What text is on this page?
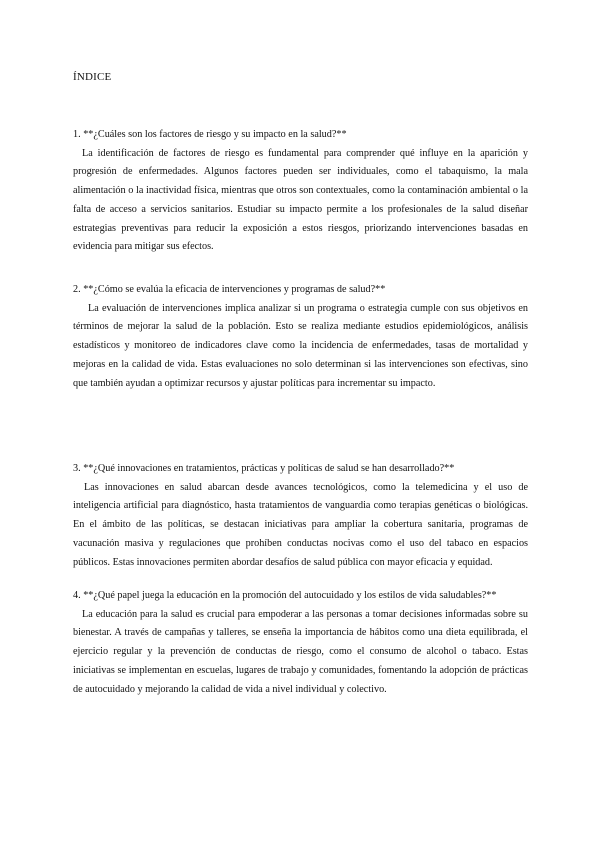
ÍNDICE

1. **¿Cuáles son los factores de riesgo y su impacto en la salud?**

La identificación de factores de riesgo es fundamental para comprender qué influye en la aparición y progresión de enfermedades. Algunos factores pueden ser individuales, como el tabaquismo, la mala alimentación o la inactividad física, mientras que otros son contextuales, como la contaminación ambiental o la falta de acceso a servicios sanitarios. Estudiar su impacto permite a los profesionales de la salud diseñar estrategias preventivas para reducir la exposición a estos riesgos, priorizando intervenciones basadas en evidencia para mitigar sus efectos.

2. **¿Cómo se evalúa la eficacia de intervenciones y programas de salud?**

La evaluación de intervenciones implica analizar si un programa o estrategia cumple con sus objetivos en términos de mejorar la salud de la población. Esto se realiza mediante estudios epidemiológicos, análisis estadísticos y monitoreo de indicadores clave como la incidencia de enfermedades, tasas de mortalidad y mejoras en la calidad de vida. Estas evaluaciones no solo determinan si las intervenciones son efectivas, sino que también ayudan a optimizar recursos y ajustar políticas para incrementar su impacto.

3. **¿Qué innovaciones en tratamientos, prácticas y políticas de salud se han desarrollado?**

Las innovaciones en salud abarcan desde avances tecnológicos, como la telemedicina y el uso de inteligencia artificial para diagnóstico, hasta tratamientos de vanguardia como terapias genéticas o biológicas. En el ámbito de las políticas, se destacan iniciativas para ampliar la cobertura sanitaria, programas de vacunación masiva y regulaciones que prohíben conductas nocivas como el uso del tabaco en espacios públicos. Estas innovaciones permiten abordar desafíos de salud pública con mayor eficacia y equidad.

4. **¿Qué papel juega la educación en la promoción del autocuidado y los estilos de vida saludables?**

La educación para la salud es crucial para empoderar a las personas a tomar decisiones informadas sobre su bienestar. A través de campañas y talleres, se enseña la importancia de hábitos como una dieta equilibrada, el ejercicio regular y la prevención de conductas de riesgo, como el consumo de alcohol o tabaco. Estas iniciativas se implementan en escuelas, lugares de trabajo y comunidades, fomentando la adopción de prácticas de autocuidado y mejorando la calidad de vida a nivel individual y colectivo.
